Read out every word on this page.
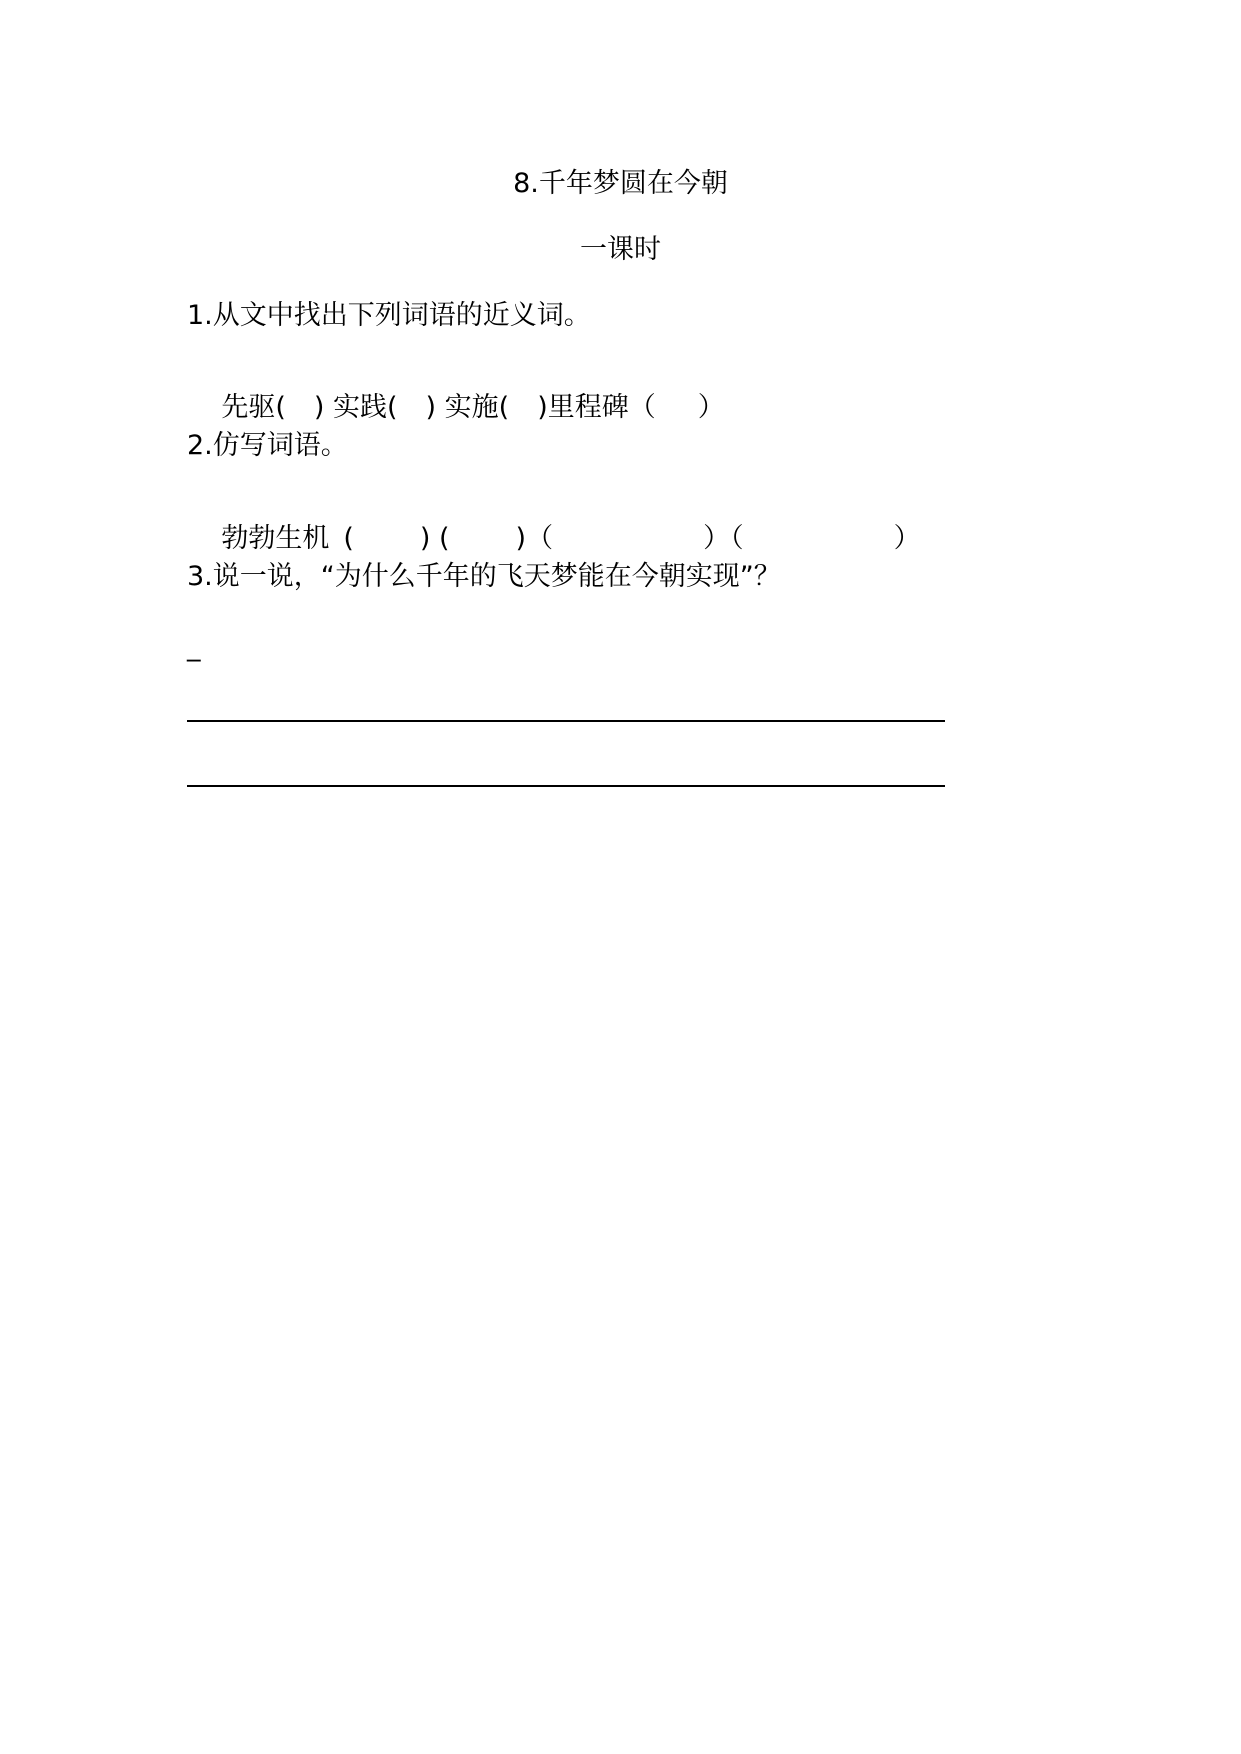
8.千年梦圆在今朝
一课时
1.从文中找出下列词语的近义词。

先驱( ) 实践( ) 实施( )里程碑（ ）

2.仿写词语。

勃勃生机 ( ) ( )（	）（	）

3.说一说，“为什么千年的飞天梦能在今朝实现”？
_
